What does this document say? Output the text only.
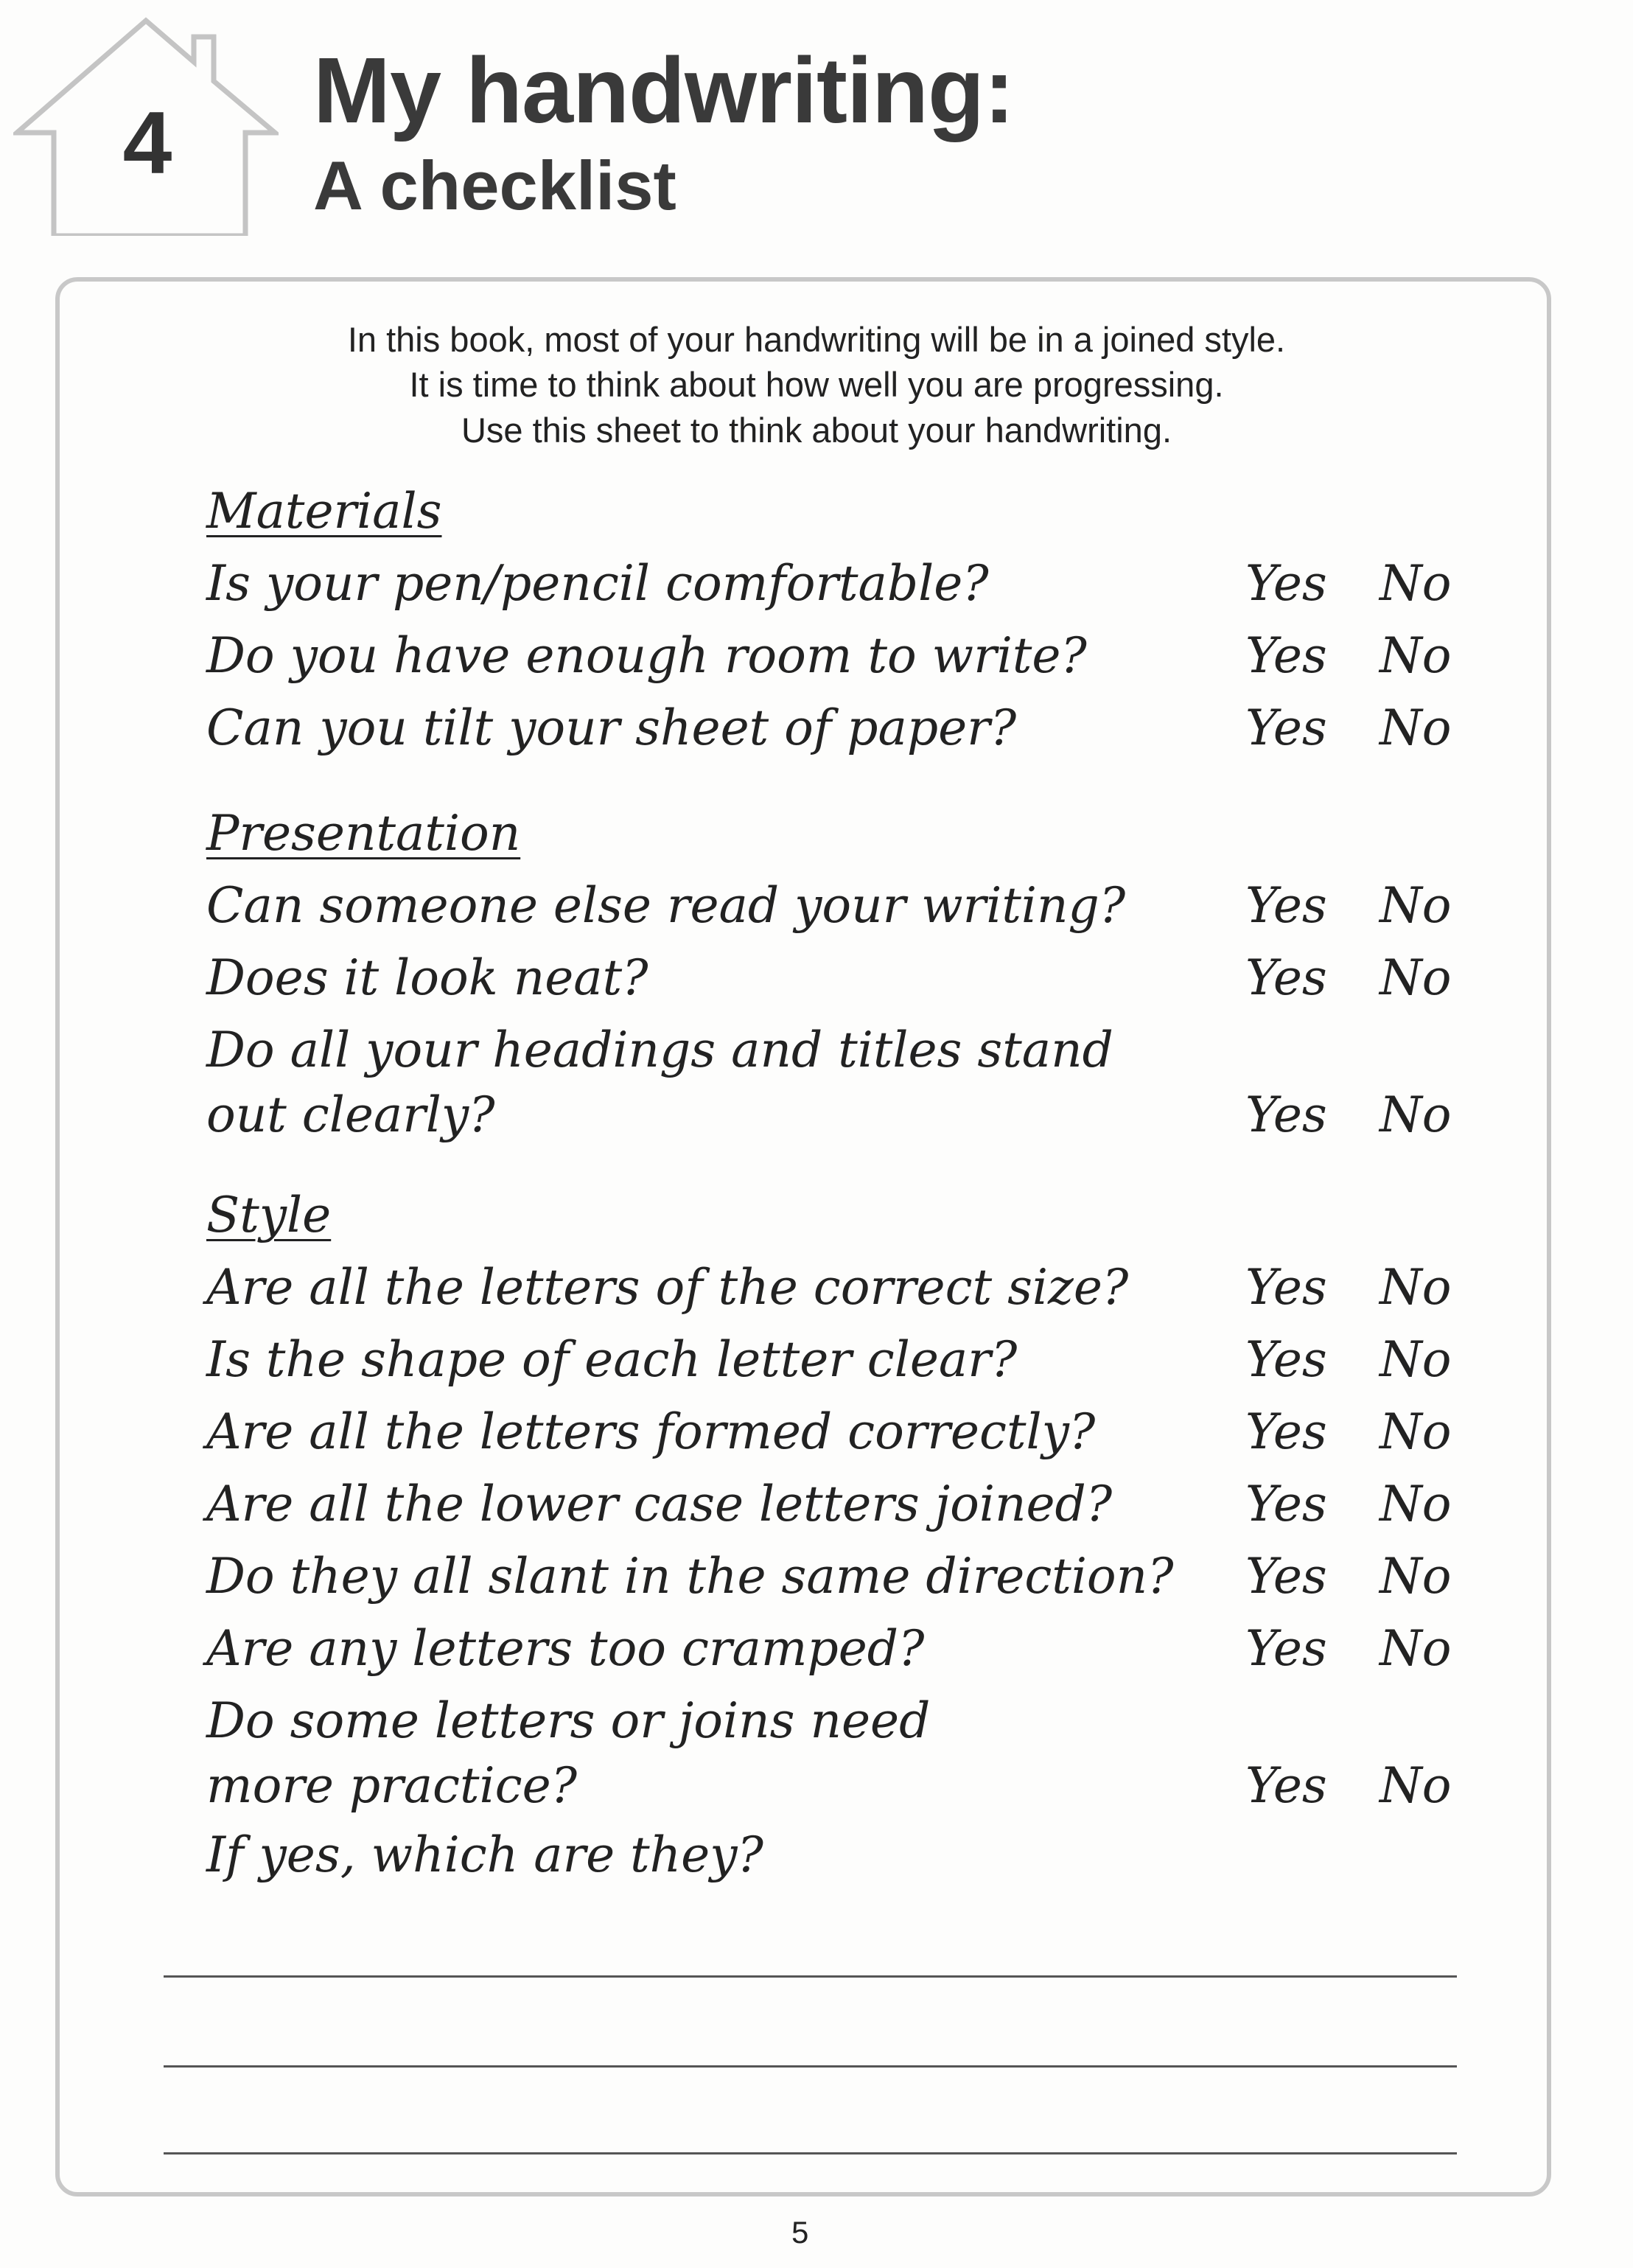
4
My handwriting:
A checklist
In this book, most of your handwriting will be in a joined style.
It is time to think about how well you are progressing.
Use this sheet to think about your handwriting.
Materials
Is your pen/pencil comfortable?	Yes No
Do you have enough room to write?	Yes No
Can you tilt your sheet of paper?	Yes No
Presentation
Can someone else read your writing? Yes No
Does it look neat?	Yes No
Do all your headings and titles stand
out clearly?	Yes No
Style
Are all the letters of the correct size? Yes No
Is the shape of each letter clear?	Yes No
Are all the letters formed correctly?	Yes No
Are all the lower case letters joined?	Yes No
Do they all slant in the same direction? Yes No
Are any letters too cramped?	Yes No
Do some letters or joins need
more practice?	Yes No
If yes, which are they?
5
